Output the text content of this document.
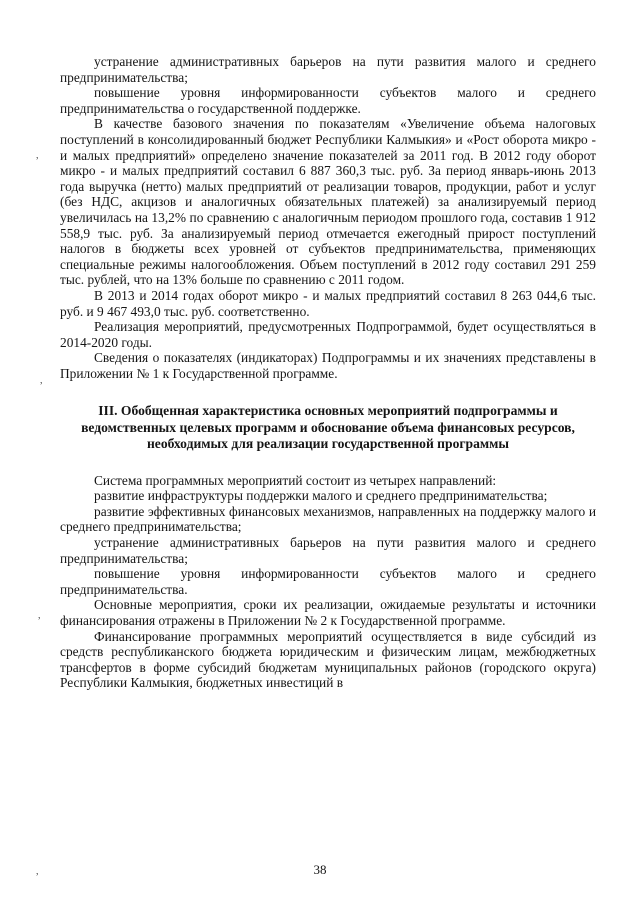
устранение административных барьеров на пути развития малого и среднего предпринимательства;

повышение уровня информированности субъектов малого и среднего предпринимательства о государственной поддержке.

В качестве базового значения по показателям «Увеличение объема налоговых поступлений в консолидированный бюджет Республики Калмыкия» и «Рост оборота микро - и малых предприятий» определено значение показателей за 2011 год. В 2012 году оборот микро - и малых предприятий составил 6 887 360,3 тыс. руб. За период январь-июнь 2013 года выручка (нетто) малых предприятий от реализации товаров, продукции, работ и услуг (без НДС, акцизов и аналогичных обязательных платежей) за анализируемый период увеличилась на 13,2% по сравнению с аналогичным периодом прошлого года, составив 1 912 558,9 тыс. руб. За анализируемый период отмечается ежегодный прирост поступлений налогов в бюджеты всех уровней от субъектов предпринимательства, применяющих специальные режимы налогообложения. Объем поступлений в 2012 году составил 291 259 тыс. рублей, что на 13% больше по сравнению с 2011 годом.

В 2013 и 2014 годах оборот микро - и малых предприятий составил 8 263 044,6 тыс. руб. и 9 467 493,0 тыс. руб. соответственно.

Реализация мероприятий, предусмотренных Подпрограммой, будет осуществляться в 2014-2020 годы.

Сведения о показателях (индикаторах) Подпрограммы и их значениях представлены в Приложении № 1 к Государственной программе.

III. Обобщенная характеристика основных мероприятий подпрограммы и ведомственных целевых программ и обоснование объема финансовых ресурсов, необходимых для реализации государственной программы

Система программных мероприятий состоит из четырех направлений:

развитие инфраструктуры поддержки малого и среднего предпринимательства;

развитие эффективных финансовых механизмов, направленных на поддержку малого и среднего предпринимательства;

устранение административных барьеров на пути развития малого и среднего предпринимательства;

повышение уровня информированности субъектов малого и среднего предпринимательства.

Основные мероприятия, сроки их реализации, ожидаемые результаты и источники финансирования отражены в Приложении № 2 к Государственной программе.

Финансирование программных мероприятий осуществляется в виде субсидий из средств республиканского бюджета юридическим и физическим лицам, межбюджетных трансфертов в форме субсидий бюджетам муниципальных районов (городского округа) Республики Калмыкия, бюджетных инвестиций в

38
,
,
,
,
